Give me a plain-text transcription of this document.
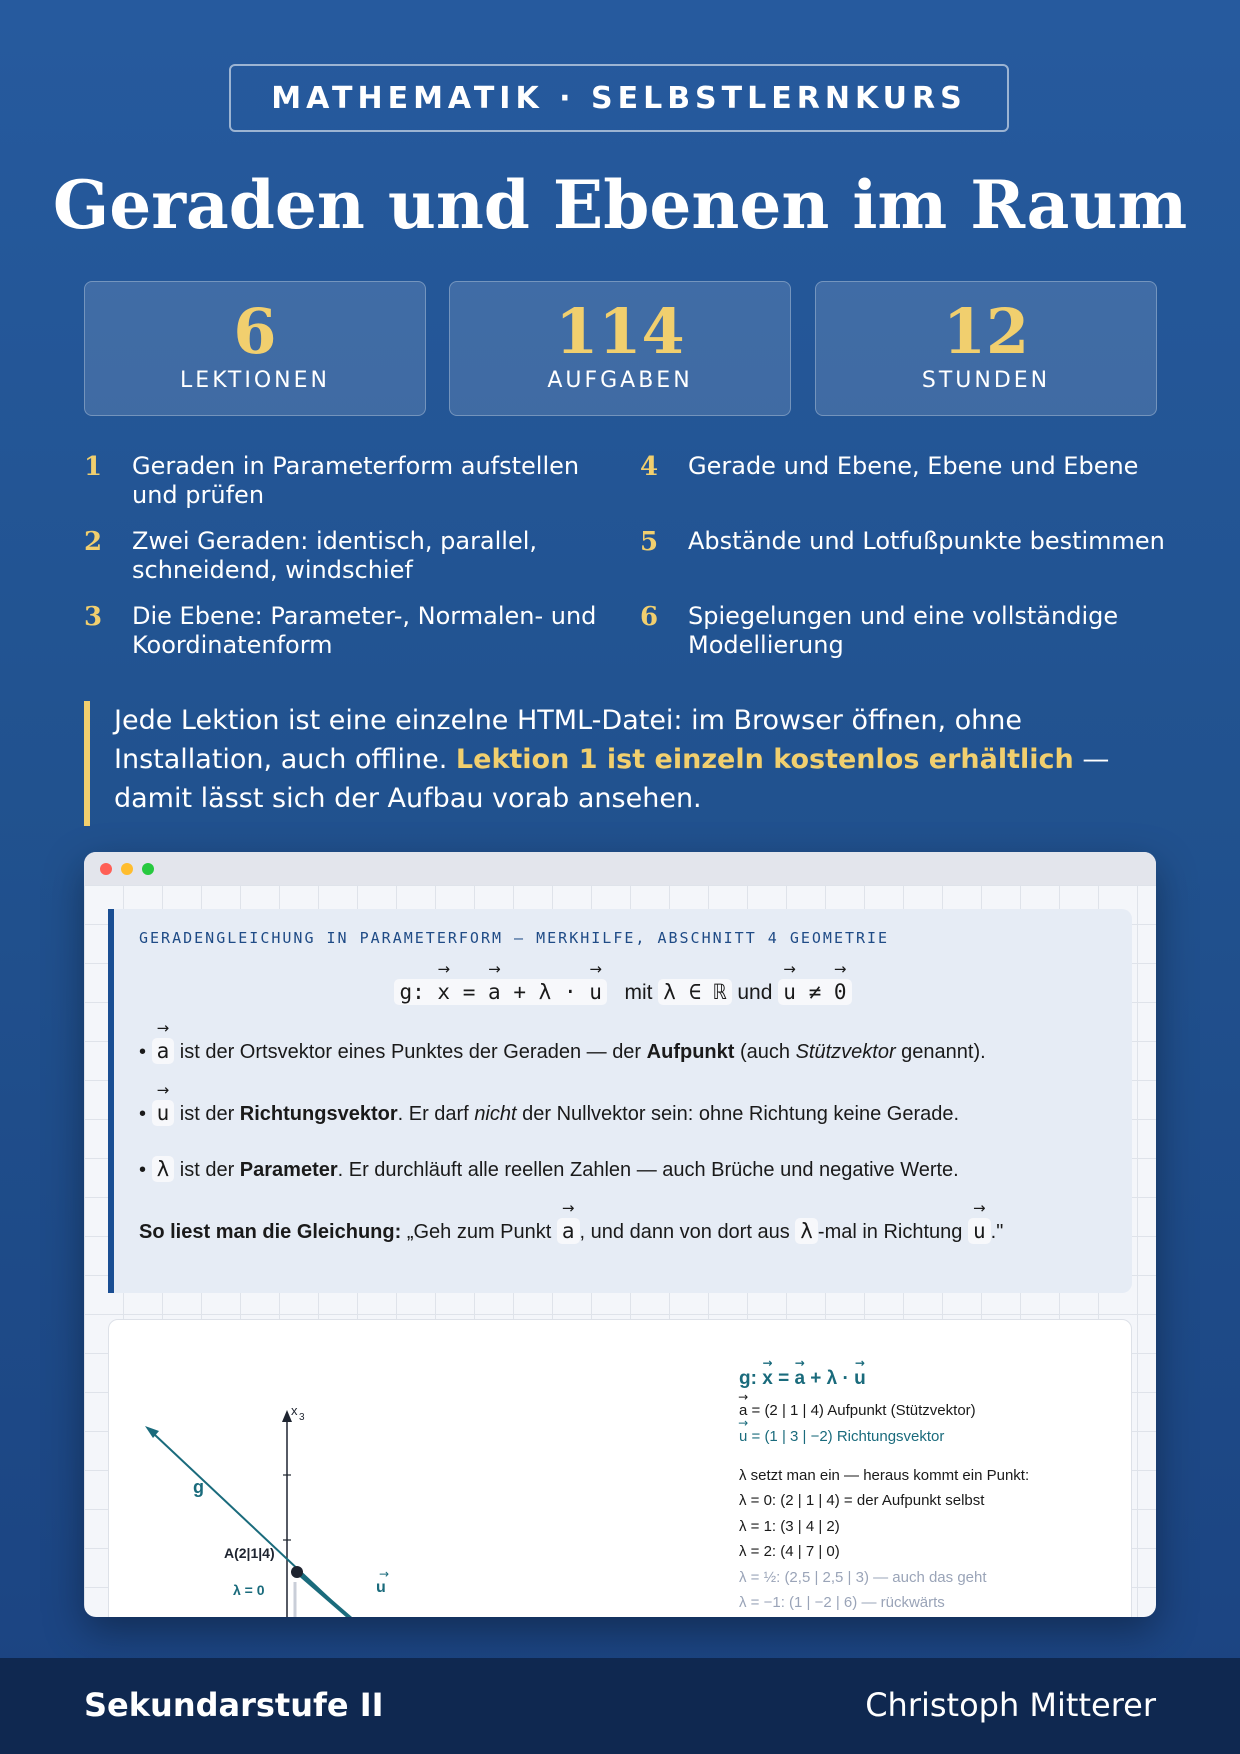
MATHEMATIK · SELBSTLERNKURS
Geraden und Ebenen im Raum
6
LEKTIONEN
114
AUFGABEN
12
STUNDEN
1 Geraden in Parameterform aufstellen und prüfen
2 Zwei Geraden: identisch, parallel, schneidend, windschief
3 Die Ebene: Parameter-, Normalen- und Koordinatenform
4 Gerade und Ebene, Ebene und Ebene
5 Abstände und Lotfußpunkte bestimmen
6 Spiegelungen und eine vollständige Modellierung
Jede Lektion ist eine einzelne HTML-Datei: im Browser öffnen, ohne Installation, auch offline. Lektion 1 ist einzeln kostenlos erhältlich — damit lässt sich der Aufbau vorab ansehen.
GERADENGLEICHUNG IN PARAMETERFORM — MERKHILFE, ABSCHNITT 4 GEOMETRIE
g: → x = → a + λ · → u mit λ ∈ ℝ und → u ≠ → 0
• → a ist der Ortsvektor eines Punktes der Geraden — der Aufpunkt (auch Stützvektor genannt).
• → u ist der Richtungsvektor. Er darf nicht der Nullvektor sein: ohne Richtung keine Gerade.
• λ ist der Parameter. Er durchläuft alle reellen Zahlen — auch Brüche und negative Werte.
So liest man die Gleichung: „Geh zum Punkt → a , und dann von dort aus λ -mal in Richtung → u ."
x 3
g
A(2|1|4)
λ = 0	u
→
3
g: → x = → a + λ · → u
→ a = (2 | 1 | 4) Aufpunkt (Stützvektor)
→ u = (1 | 3 | −2) Richtungsvektor
λ setzt man ein — heraus kommt ein Punkt:
λ = 0: (2 | 1 | 4) = der Aufpunkt selbst
λ = 1: (3 | 4 | 2)
λ = 2: (4 | 7 | 0)
λ = ½: (2,5 | 2,5 | 3) — auch das geht
λ = −1: (1 | −2 | 6) — rückwärts
Sekundarstufe II	Christoph Mitterer
